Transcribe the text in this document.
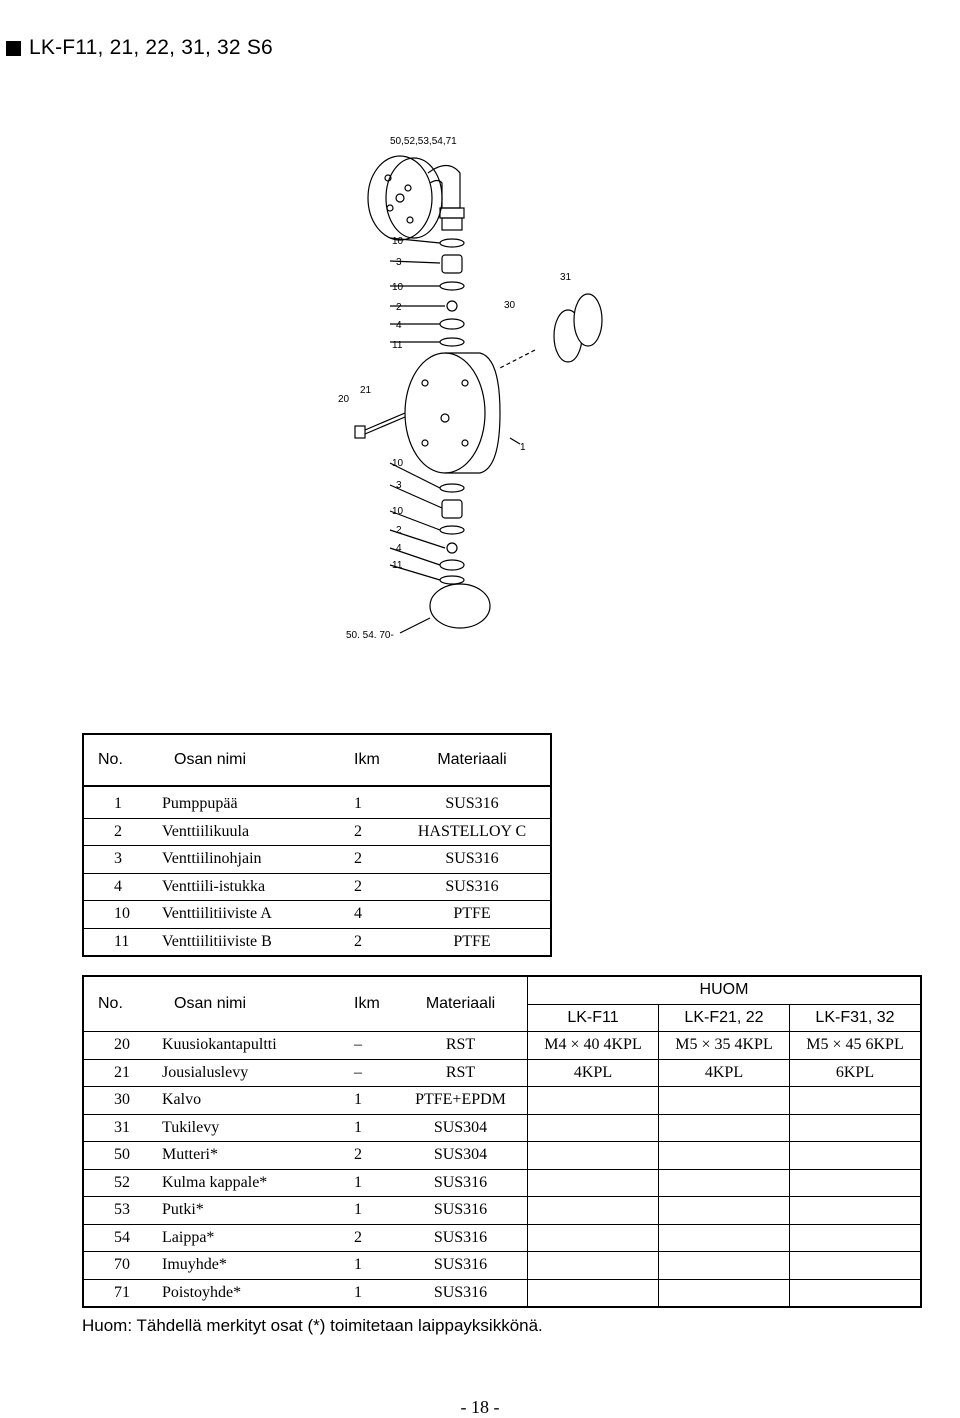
LK-F11, 21, 22, 31, 32 S6
50,52,53,54,71
10
3
10
2
4
11
31
30
21
20
1
10
3
10
2
4
11
50. 54. 70-
No.	Osan nimi	Ikm	Materiaali

1	Pumppupää	1	SUS316
2	Venttiilikuula	2	HASTELLOY C
3	Venttiilinohjain	2	SUS316
4	Venttiili-istukka	2	SUS316
10	Venttiilitiiviste A	4	PTFE
11	Venttiilitiiviste B	2	PTFE
No.	Osan nimi	Ikm	Materiaali	HUOM		
				LK-F11	LK-F21, 22	LK-F31, 32
20	Kuusiokantapultti	–	RST	M4 × 40 4KPL	M5 × 35 4KPL	M5 × 45 6KPL
21	Jousialuslevy	–	RST	4KPL	4KPL	6KPL
30	Kalvo	1	PTFE+EPDM			
31	Tukilevy	1	SUS304			
50	Mutteri*	2	SUS304			
52	Kulma kappale*	1	SUS316			
53	Putki*	1	SUS316			
54	Laippa*	2	SUS316			
70	Imuyhde*	1	SUS316			
71	Poistoyhde*	1	SUS316			
Huom: Tähdellä merkityt osat (*) toimitetaan laippayksikkönä.
- 18 -
